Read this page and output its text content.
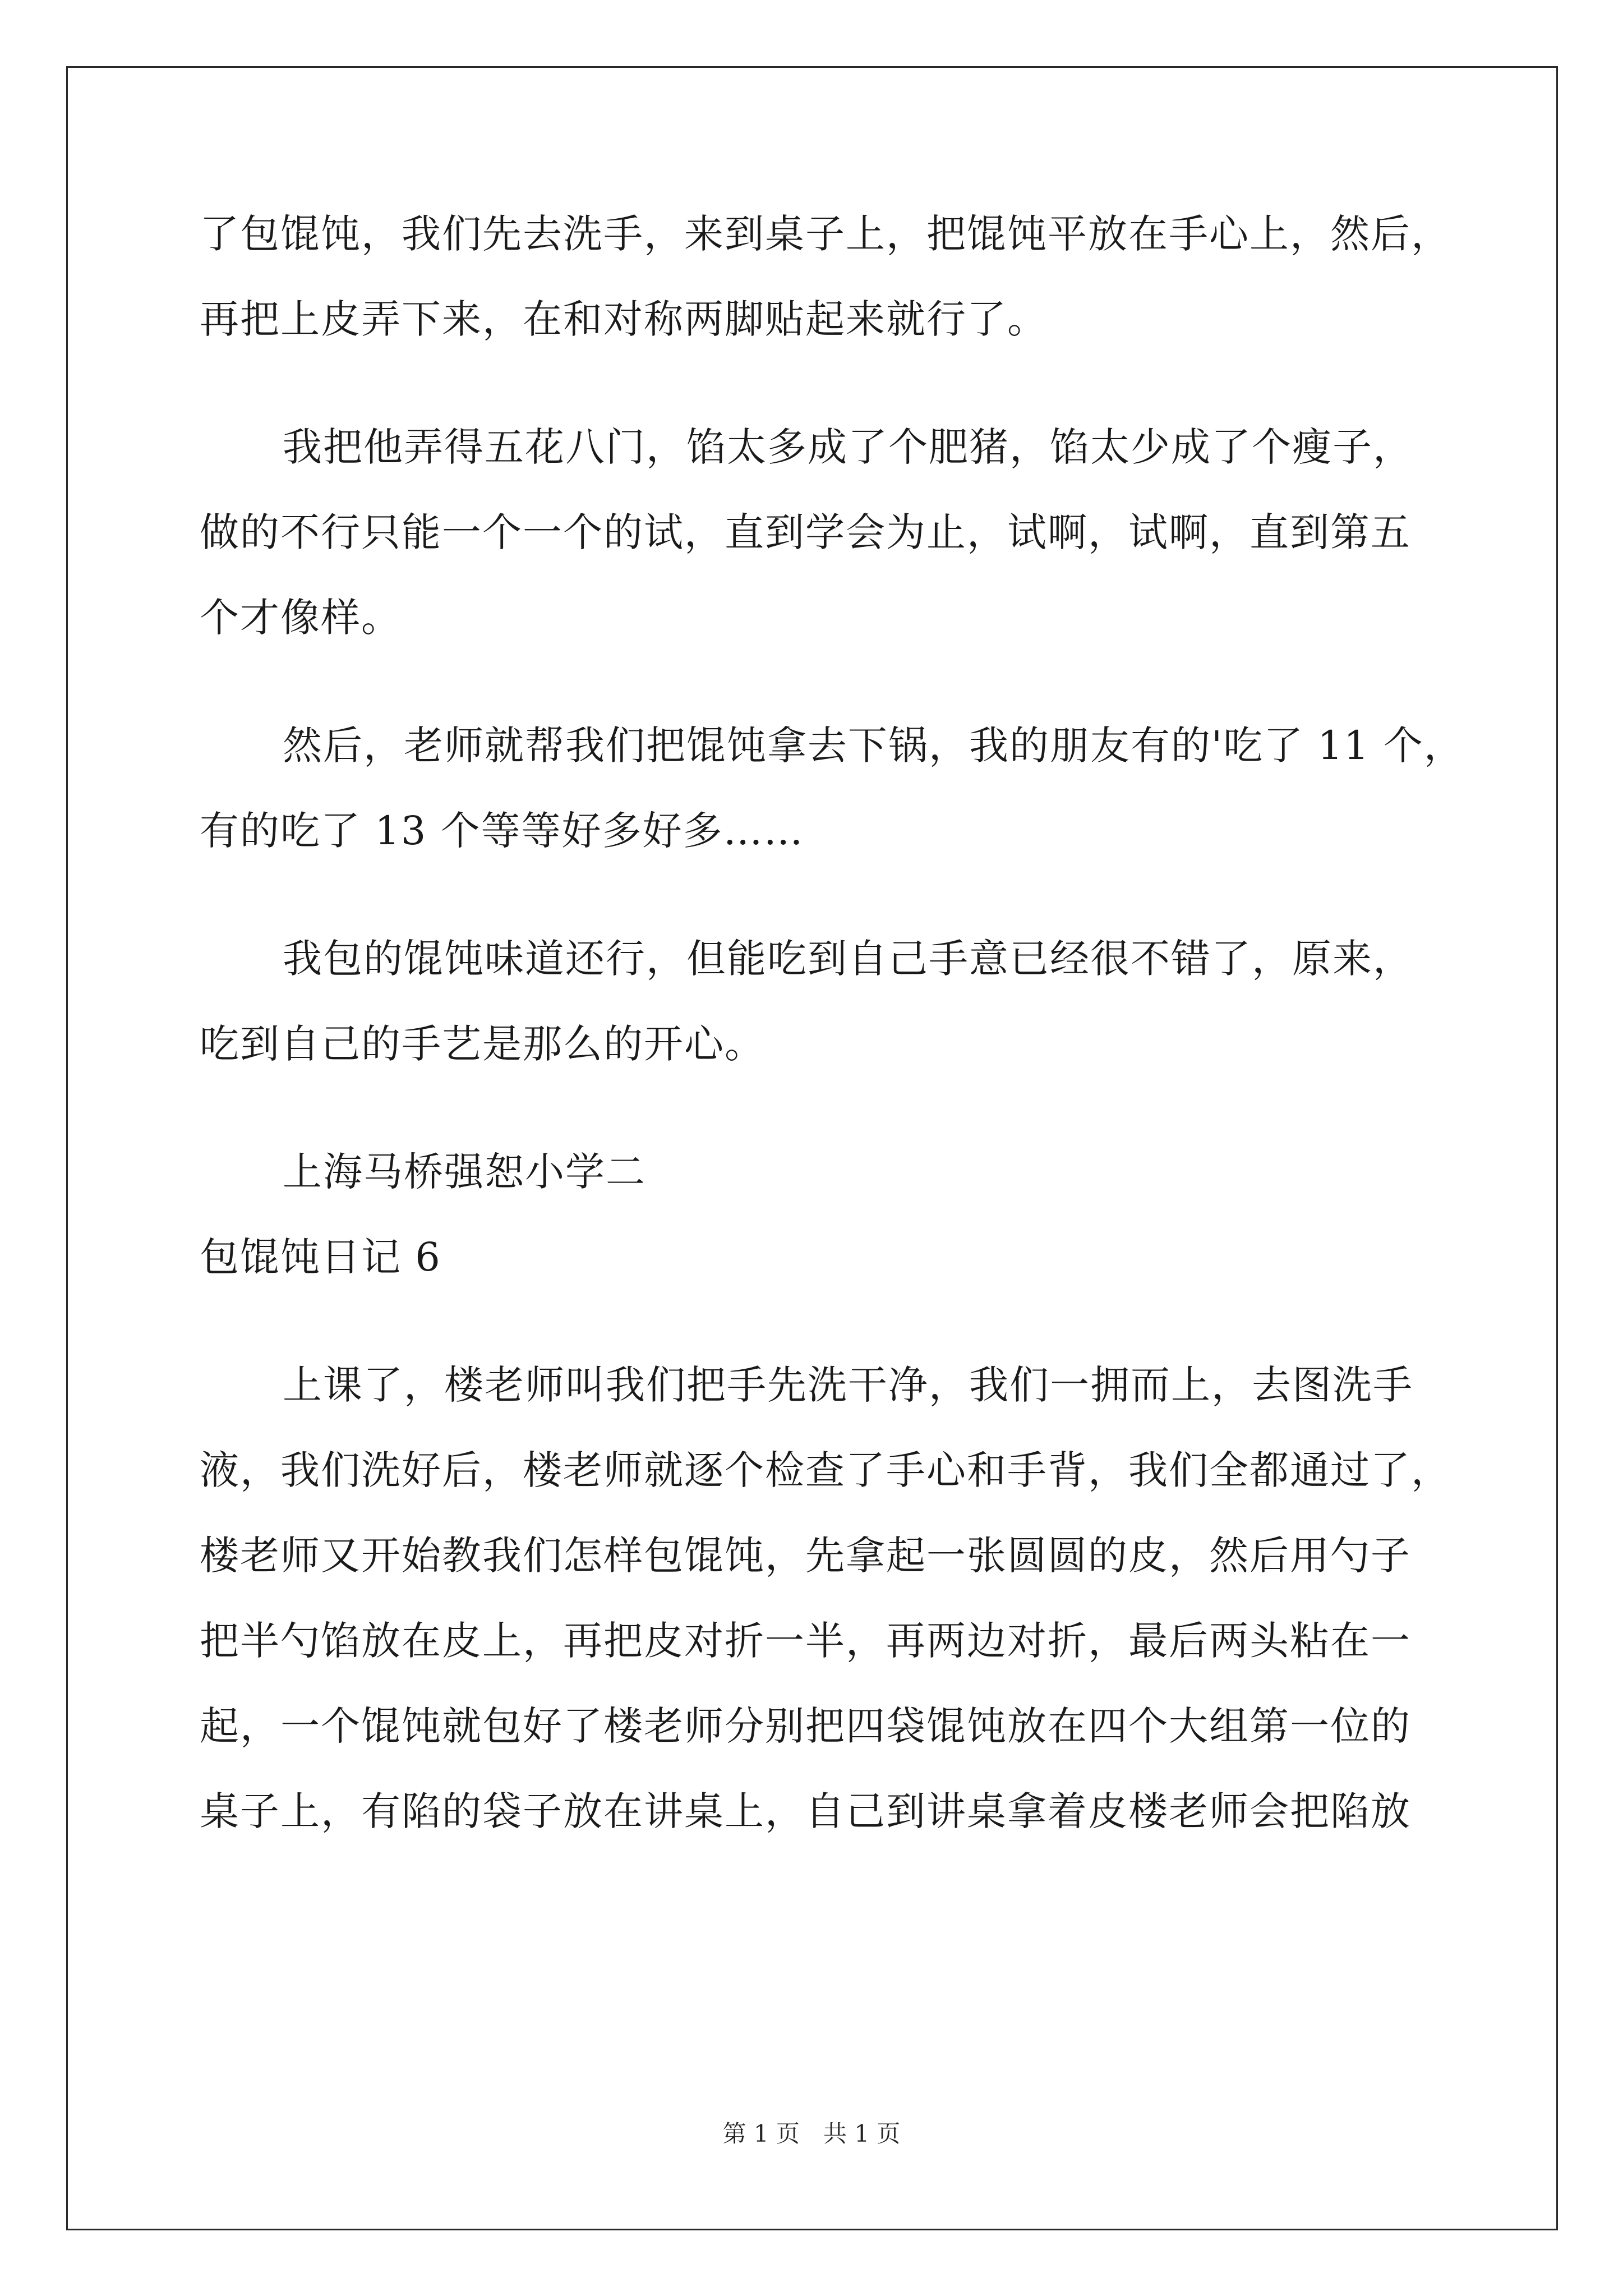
了包馄饨，我们先去洗手，来到桌子上，把馄饨平放在手心上，然后，
再把上皮弄下来，在和对称两脚贴起来就行了。
我把他弄得五花八门，馅太多成了个肥猪，馅太少成了个瘦子，
做的不行只能一个一个的试，直到学会为止，试啊，试啊，直到第五
个才像样。
然后，老师就帮我们把馄饨拿去下锅，我的朋友有的'吃了 11 个，
有的吃了 13 个等等好多好多……
我包的馄饨味道还行，但能吃到自己手意已经很不错了，原来，
吃到自己的手艺是那么的开心。
上海马桥强恕小学二
包馄饨日记 6
上课了，楼老师叫我们把手先洗干净，我们一拥而上，去图洗手
液，我们洗好后，楼老师就逐个检查了手心和手背，我们全都通过了，
楼老师又开始教我们怎样包馄饨，先拿起一张圆圆的皮，然后用勺子
把半勺馅放在皮上，再把皮对折一半，再两边对折，最后两头粘在一
起，一个馄饨就包好了楼老师分别把四袋馄饨放在四个大组第一位的
桌子上，有陷的袋子放在讲桌上，自己到讲桌拿着皮楼老师会把陷放
第 1 页　共 1 页
